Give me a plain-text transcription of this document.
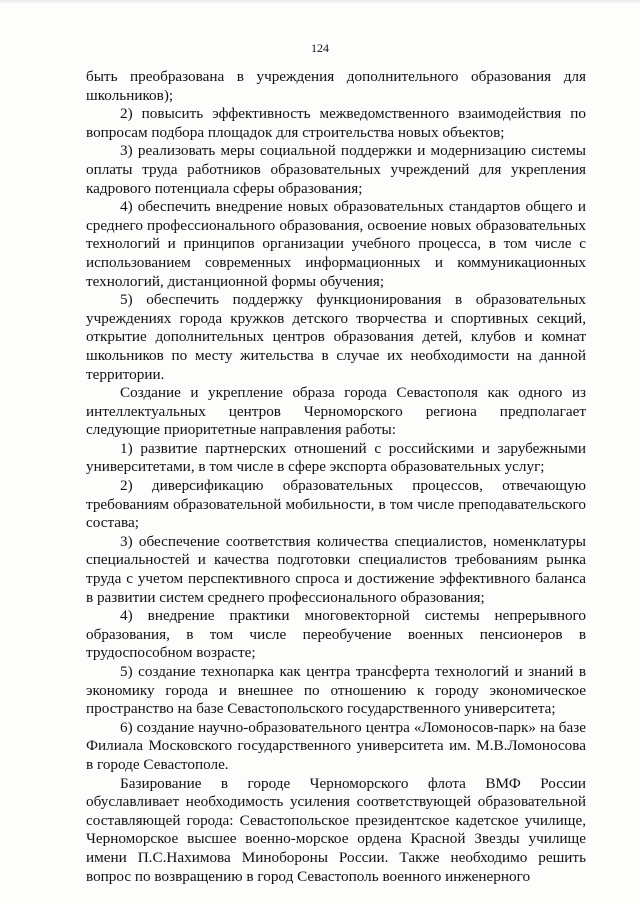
124

быть преобразована в учреждения дополнительного образования для школьников);

2) повысить эффективность межведомственного взаимодействия по вопросам подбора площадок для строительства новых объектов;

3) реализовать меры социальной поддержки и модернизацию системы оплаты труда работников образовательных учреждений для укрепления кадрового потенциала сферы образования;

4) обеспечить внедрение новых образовательных стандартов общего и среднего профессионального образования, освоение новых образовательных технологий и принципов организации учебного процесса, в том числе с использованием современных информационных и коммуникационных технологий, дистанционной формы обучения;

5) обеспечить поддержку функционирования в образовательных учреждениях города кружков детского творчества и спортивных секций, открытие дополнительных центров образования детей, клубов и комнат школьников по месту жительства в случае их необходимости на данной территории.

Создание и укрепление образа города Севастополя как одного из интеллектуальных центров Черноморского региона предполагает следующие приоритетные направления работы:

1) развитие партнерских отношений с российскими и зарубежными университетами, в том числе в сфере экспорта образовательных услуг;

2) диверсификацию образовательных процессов, отвечающую требованиям образовательной мобильности, в том числе преподавательского состава;

3) обеспечение соответствия количества специалистов, номенклатуры специальностей и качества подготовки специалистов требованиям рынка труда с учетом перспективного спроса и достижение эффективного баланса в развитии систем среднего профессионального образования;

4) внедрение практики многовекторной системы непрерывного образования, в том числе переобучение военных пенсионеров в трудоспособном возрасте;

5) создание технопарка как центра трансферта технологий и знаний в экономику города и внешнее по отношению к городу экономическое пространство на базе Севастопольского государственного университета;

6) создание научно-образовательного центра «Ломоносов-парк» на базе Филиала Московского государственного университета им. М.В.Ломоносова в городе Севастополе.

Базирование в городе Черноморского флота ВМФ России обуславливает необходимость усиления соответствующей образовательной составляющей города: Севастопольское президентское кадетское училище, Черноморское высшее военно-морское ордена Красной Звезды училище имени П.С.Нахимова Минобороны России. Также необходимо решить вопрос по возвращению в город Севастополь военного инженерного
